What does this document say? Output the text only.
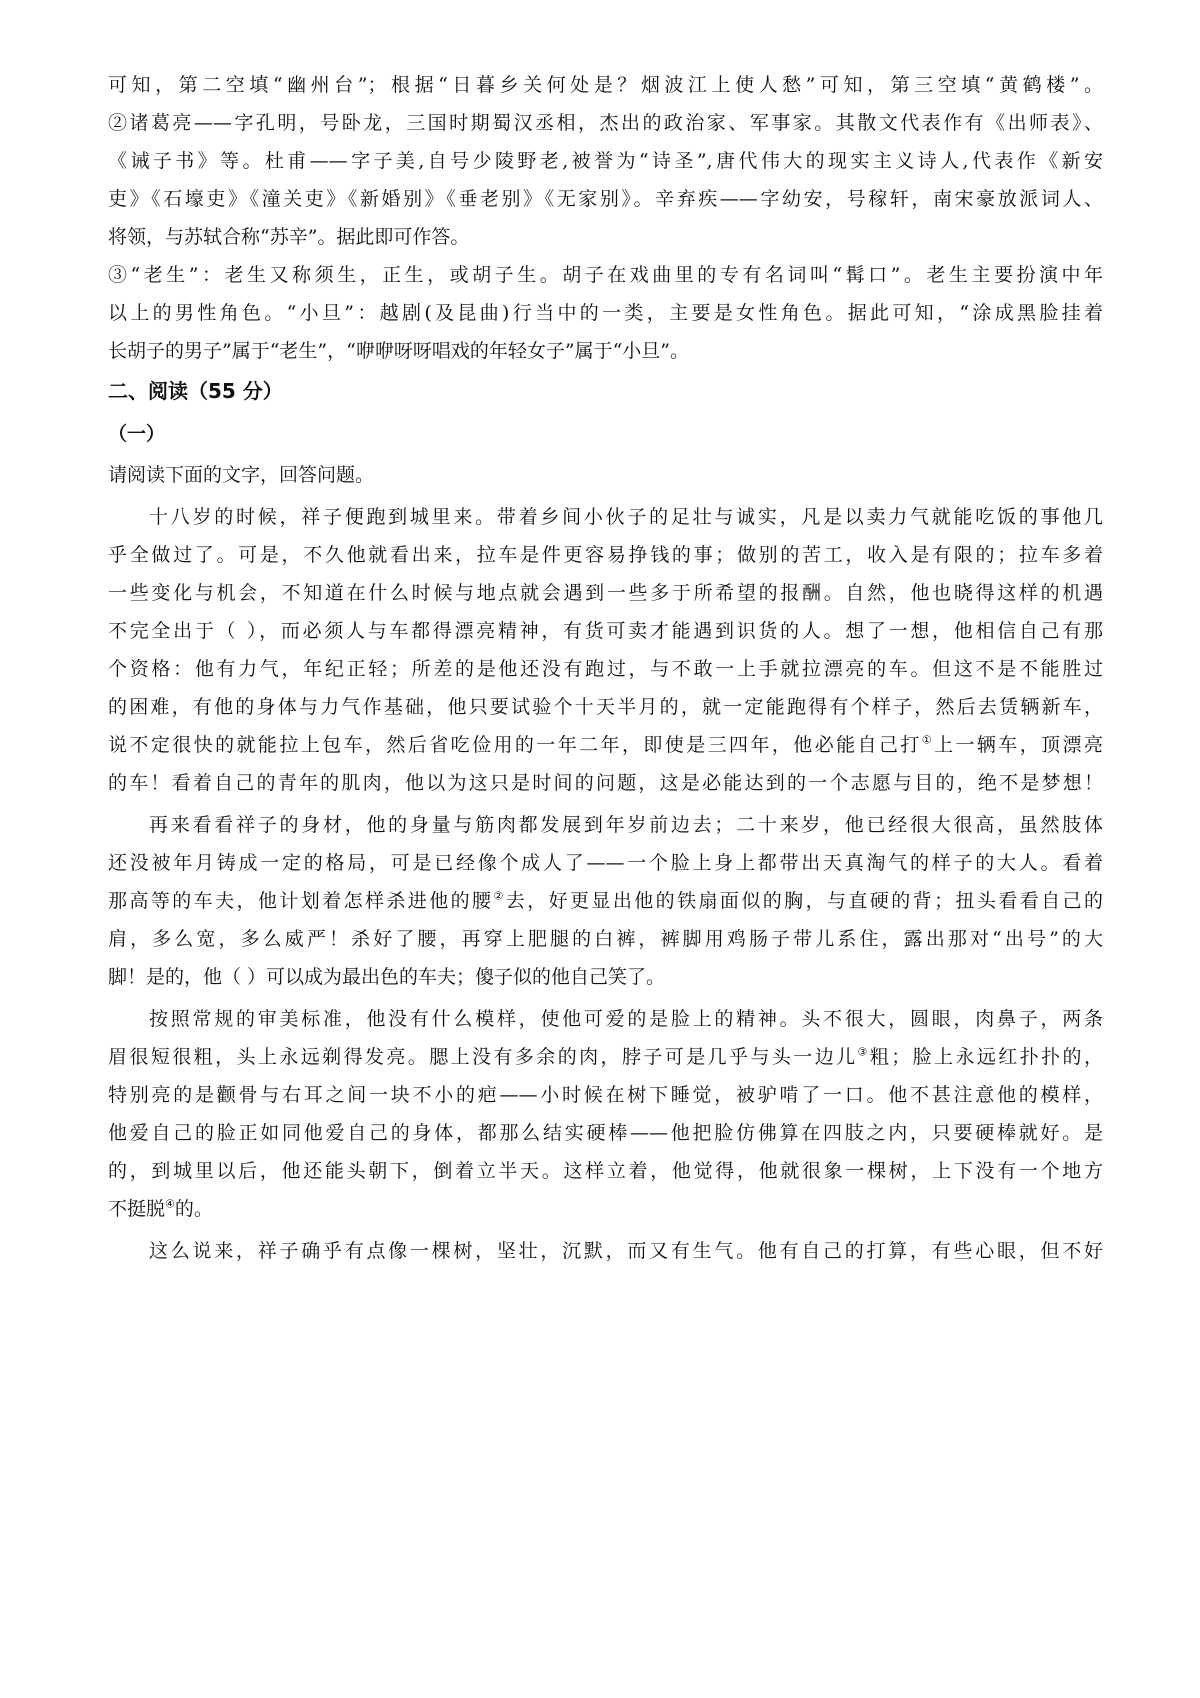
可知，第二空填“幽州台”；根据“日暮乡关何处是？烟波江上使人愁”可知，第三空填“黄鹤楼”。
②诸葛亮——字孔明，号卧龙，三国时期蜀汉丞相，杰出的政治家、军事家。其散文代表作有《出师表》、
《诫子书》等。杜甫——字子美,自号少陵野老,被誉为“诗圣”,唐代伟大的现实主义诗人,代表作《新安
吏》《石壕吏》《潼关吏》《新婚别》《垂老别》《无家别》。辛弃疾——字幼安，号稼轩，南宋豪放派词人、
将领，与苏轼合称“苏辛”。据此即可作答。
③“老生”：老生又称须生，正生，或胡子生。胡子在戏曲里的专有名词叫“髯口”。老生主要扮演中年
以上的男性角色。“小旦”：越剧(及昆曲)行当中的一类，主要是女性角色。据此可知，“涂成黑脸挂着
长胡子的男子”属于“老生”，“咿咿呀呀唱戏的年轻女子”属于“小旦”。
二、阅读（55 分）
（一）
请阅读下面的文字，回答问题。
十八岁的时候，祥子便跑到城里来。带着乡间小伙子的足壮与诚实，凡是以卖力气就能吃饭的事他几
乎全做过了。可是，不久他就看出来，拉车是件更容易挣钱的事；做别的苦工，收入是有限的；拉车多着
一些变化与机会，不知道在什么时候与地点就会遇到一些多于所希望的报酬。自然，他也晓得这样的机遇
不完全出于（ ），而必须人与车都得漂亮精神，有货可卖才能遇到识货的人。想了一想，他相信自己有那
个资格：他有力气，年纪正轻；所差的是他还没有跑过，与不敢一上手就拉漂亮的车。但这不是不能胜过
的困难，有他的身体与力气作基础，他只要试验个十天半月的，就一定能跑得有个样子，然后去赁辆新车，
说不定很快的就能拉上包车，然后省吃俭用的一年二年，即使是三四年，他必能自己打①上一辆车，顶漂亮
的车！看着自己的青年的肌肉，他以为这只是时间的问题，这是必能达到的一个志愿与目的，绝不是梦想！
再来看看祥子的身材，他的身量与筋肉都发展到年岁前边去；二十来岁，他已经很大很高，虽然肢体
还没被年月铸成一定的格局，可是已经像个成人了——一个脸上身上都带出天真淘气的样子的大人。看着
那高等的车夫，他计划着怎样杀进他的腰②去，好更显出他的铁扇面似的胸，与直硬的背；扭头看看自己的
肩，多么宽，多么威严！杀好了腰，再穿上肥腿的白裤，裤脚用鸡肠子带儿系住，露出那对“出号”的大
脚！是的，他（ ）可以成为最出色的车夫；傻子似的他自己笑了。
按照常规的审美标准，他没有什么模样，使他可爱的是脸上的精神。头不很大，圆眼，肉鼻子，两条
眉很短很粗，头上永远剃得发亮。腮上没有多余的肉，脖子可是几乎与头一边儿③粗；脸上永远红扑扑的，
特别亮的是颧骨与右耳之间一块不小的疤——小时候在树下睡觉，被驴啃了一口。他不甚注意他的模样，
他爱自己的脸正如同他爱自己的身体，都那么结实硬棒——他把脸仿佛算在四肢之内，只要硬棒就好。是
的，到城里以后，他还能头朝下，倒着立半天。这样立着，他觉得，他就很象一棵树，上下没有一个地方
不挺脱④的。
这么说来，祥子确乎有点像一棵树，坚壮，沉默，而又有生气。他有自己的打算，有些心眼，但不好
